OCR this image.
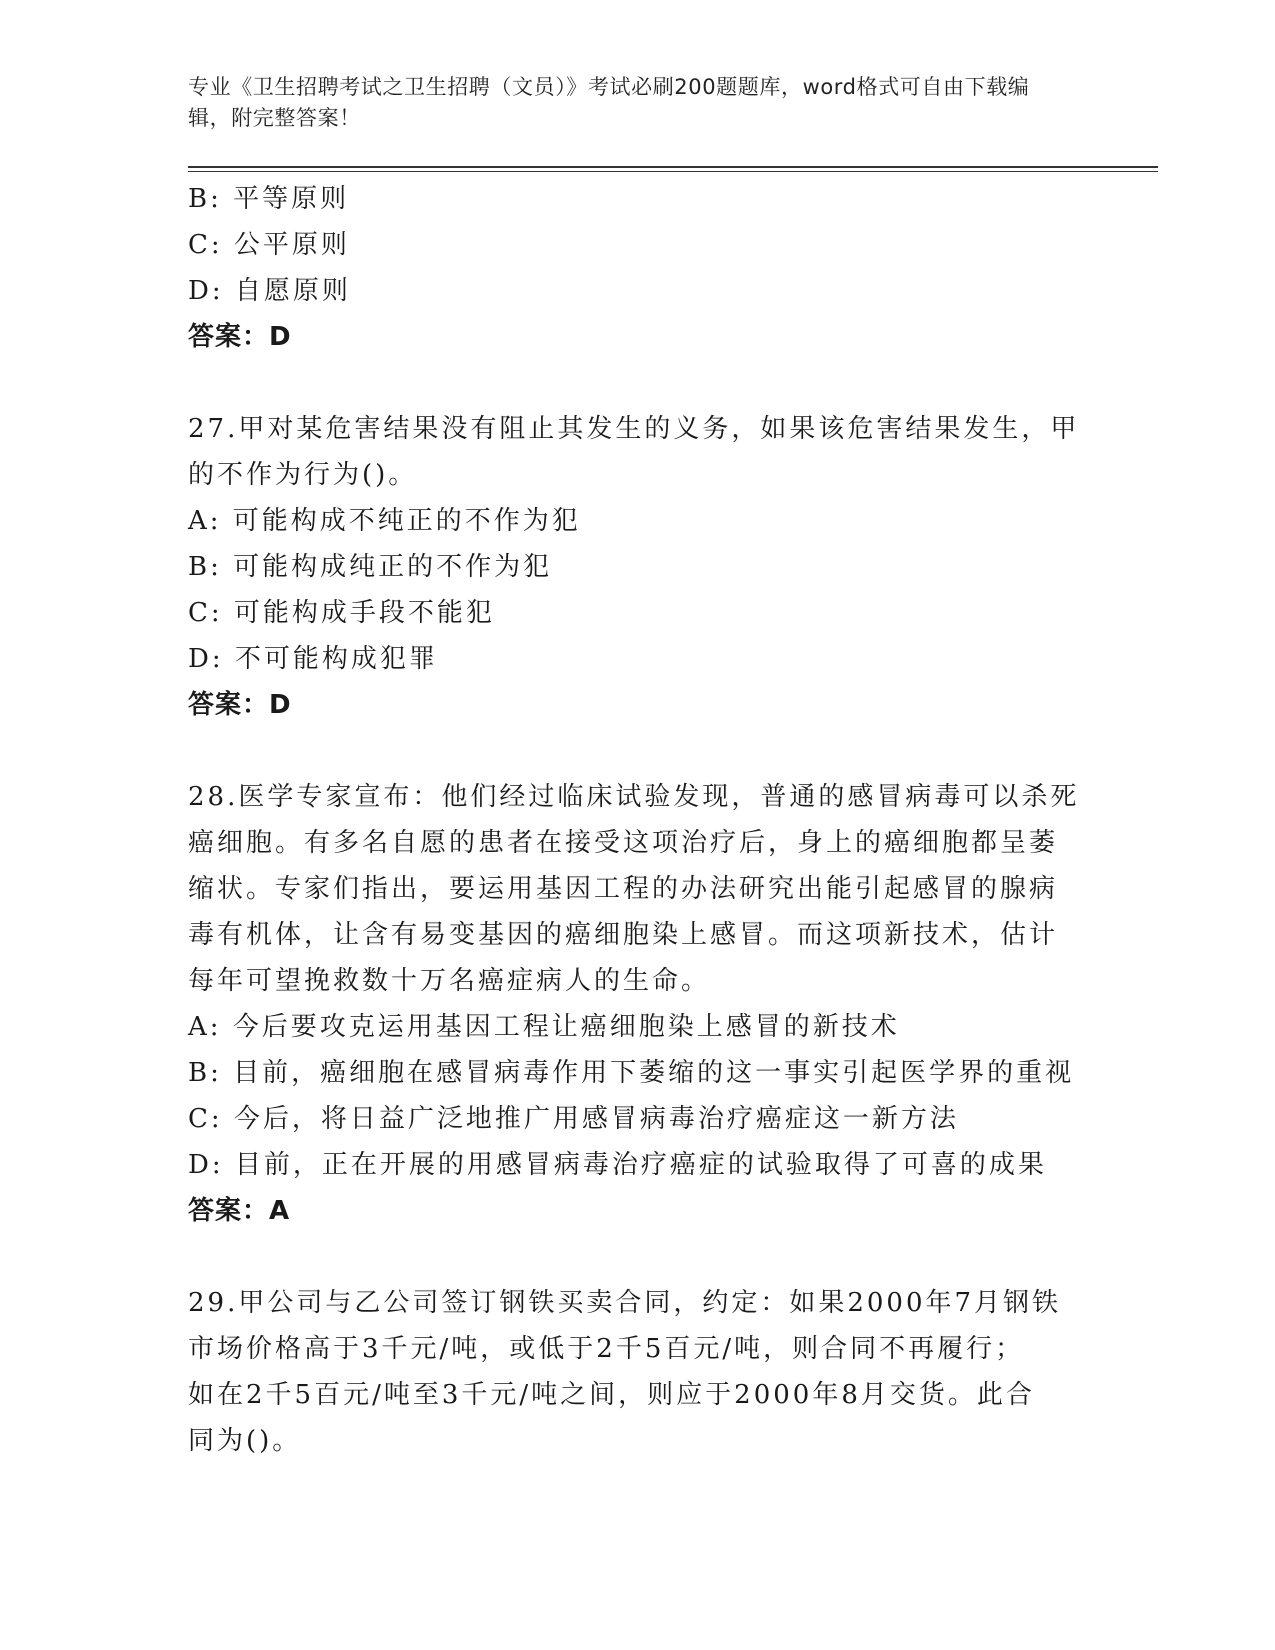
专业《卫生招聘考试之卫生招聘（文员）》考试必刷200题题库，word格式可自由下载编辑，附完整答案！
B: 平等原则
C: 公平原则
D: 自愿原则
答案：D
27.甲对某危害结果没有阻止其发生的义务，如果该危害结果发生，甲
的不作为行为()。
A: 可能构成不纯正的不作为犯
B: 可能构成纯正的不作为犯
C: 可能构成手段不能犯
D: 不可能构成犯罪
答案：D
28.医学专家宣布：他们经过临床试验发现，普通的感冒病毒可以杀死
癌细胞。有多名自愿的患者在接受这项治疗后，身上的癌细胞都呈萎
缩状。专家们指出，要运用基因工程的办法研究出能引起感冒的腺病
毒有机体，让含有易变基因的癌细胞染上感冒。而这项新技术，估计
每年可望挽救数十万名癌症病人的生命。
A: 今后要攻克运用基因工程让癌细胞染上感冒的新技术
B: 目前，癌细胞在感冒病毒作用下萎缩的这一事实引起医学界的重视
C: 今后，将日益广泛地推广用感冒病毒治疗癌症这一新方法
D: 目前，正在开展的用感冒病毒治疗癌症的试验取得了可喜的成果
答案：A
29.甲公司与乙公司签订钢铁买卖合同，约定：如果2000年7月钢铁
市场价格高于3千元/吨，或低于2千5百元/吨，则合同不再履行；
如在2千5百元/吨至3千元/吨之间，则应于2000年8月交货。此合
同为()。
